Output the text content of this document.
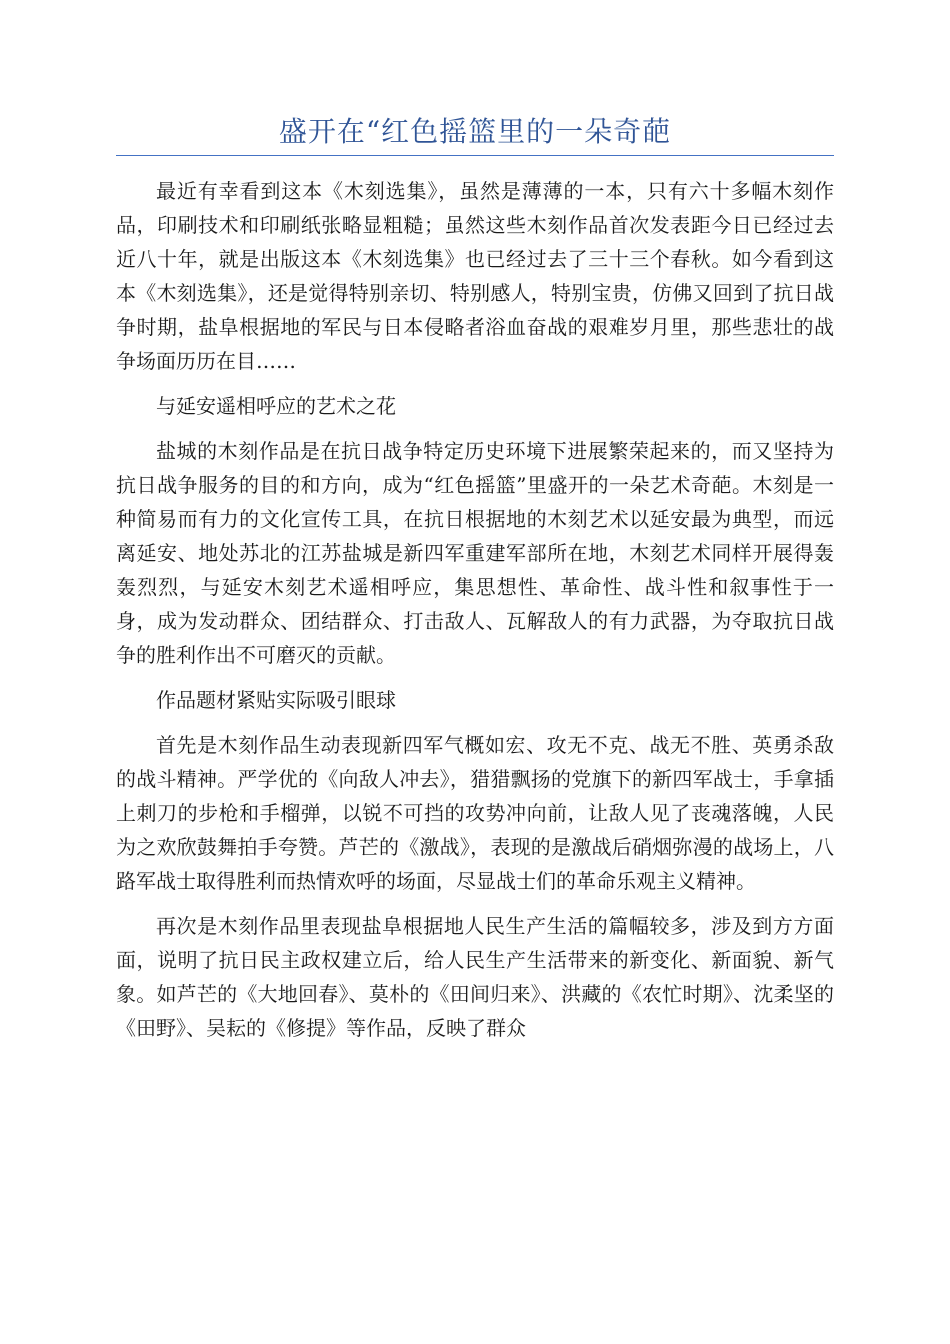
盛开在“红色摇篮里的一朵奇葩

最近有幸看到这本《木刻选集》，虽然是薄薄的一本，只有六十多幅木刻作品，印刷技术和印刷纸张略显粗糙；虽然这些木刻作品首次发表距今日已经过去近八十年，就是出版这本《木刻选集》也已经过去了三十三个春秋。如今看到这本《木刻选集》，还是觉得特别亲切、特别感人，特别宝贵，仿佛又回到了抗日战争时期，盐阜根据地的军民与日本侵略者浴血奋战的艰难岁月里，那些悲壮的战争场面历历在目……

与延安遥相呼应的艺术之花

盐城的木刻作品是在抗日战争特定历史环境下进展繁荣起来的，而又坚持为抗日战争服务的目的和方向，成为“红色摇篮”里盛开的一朵艺术奇葩。木刻是一种简易而有力的文化宣传工具，在抗日根据地的木刻艺术以延安最为典型，而远离延安、地处苏北的江苏盐城是新四军重建军部所在地，木刻艺术同样开展得轰轰烈烈，与延安木刻艺术遥相呼应，集思想性、革命性、战斗性和叙事性于一身，成为发动群众、团结群众、打击敌人、瓦解敌人的有力武器，为夺取抗日战争的胜利作出不可磨灭的贡献。

作品题材紧贴实际吸引眼球

首先是木刻作品生动表现新四军气概如宏、攻无不克、战无不胜、英勇杀敌的战斗精神。严学优的《向敌人冲去》，猎猎飘扬的党旗下的新四军战士，手拿插上刺刀的步枪和手榴弹，以锐不可挡的攻势冲向前，让敌人见了丧魂落魄，人民为之欢欣鼓舞拍手夸赞。芦芒的《激战》，表现的是激战后硝烟弥漫的战场上，八路军战士取得胜利而热情欢呼的场面，尽显战士们的革命乐观主义精神。

再次是木刻作品里表现盐阜根据地人民生产生活的篇幅较多，涉及到方方面面，说明了抗日民主政权建立后，给人民生产生活带来的新变化、新面貌、新气象。如芦芒的《大地回春》、莫朴的《田间归来》、洪藏的《农忙时期》、沈柔坚的《田野》、吴耘的《修提》等作品，反映了群众
